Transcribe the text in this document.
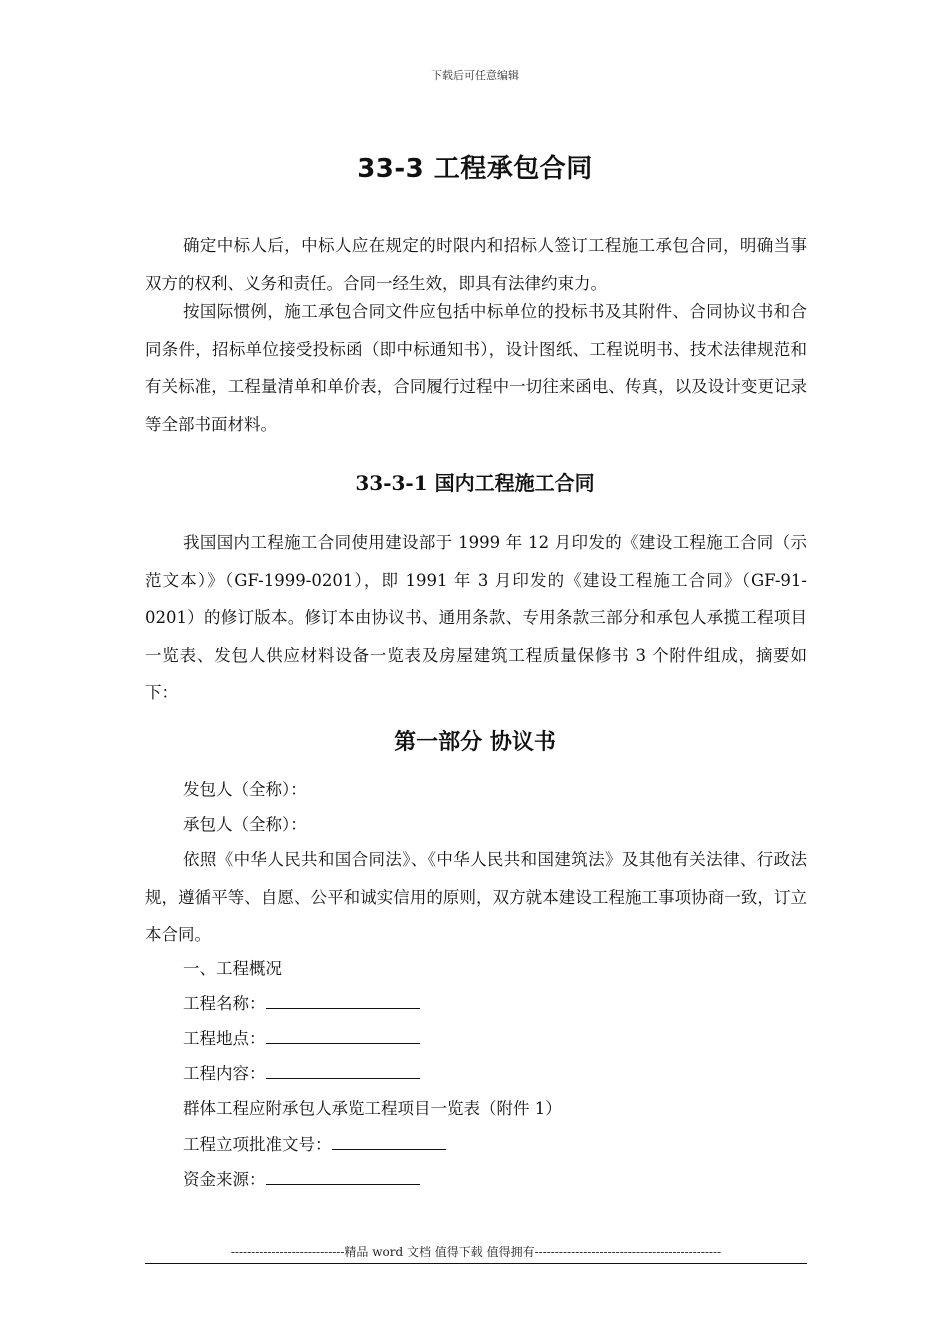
下载后可任意编辑
33-3 工程承包合同

确定中标人后，中标人应在规定的时限内和招标人签订工程施工承包合同，明确当事双方的权利、义务和责任。合同一经生效，即具有法律约束力。

按国际惯例，施工承包合同文件应包括中标单位的投标书及其附件、合同协议书和合同条件，招标单位接受投标函（即中标通知书），设计图纸、工程说明书、技术法律规范和有关标准，工程量清单和单价表，合同履行过程中一切往来函电、传真，以及设计变更记录等全部书面材料。

33-3-1 国内工程施工合同

我国国内工程施工合同使用建设部于 1999 年 12 月印发的《建设工程施工合同（示范文本）》（GF-1999-0201），即 1991 年 3 月印发的《建设工程施工合同》（GF-91-0201）的修订版本。修订本由协议书、通用条款、专用条款三部分和承包人承揽工程项目一览表、发包人供应材料设备一览表及房屋建筑工程质量保修书 3 个附件组成，摘要如下：

第一部分 协议书
发包人（全称）：
承包人（全称）：

依照《中华人民共和国合同法》、《中华人民共和国建筑法》及其他有关法律、行政法规，遵循平等、自愿、公平和诚实信用的原则，双方就本建设工程施工事项协商一致，订立本合同。

一、工程概况
工程名称：
工程地点：
工程内容：
群体工程应附承包人承览工程项目一览表（附件 1）
工程立项批准文号：
资金来源：
----------------------------精品 word 文档 值得下载 值得拥有----------------------------------------------
